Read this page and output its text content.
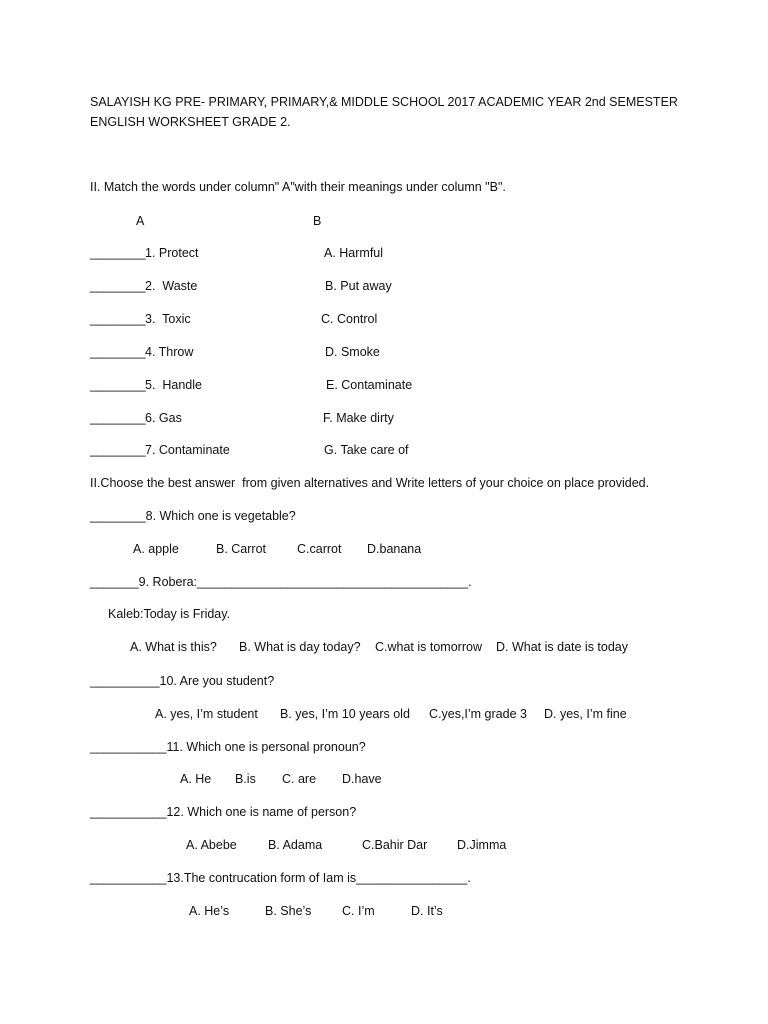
SALAYISH KG PRE- PRIMARY, PRIMARY,& MIDDLE SCHOOL 2017 ACADEMIC YEAR 2nd SEMESTER
ENGLISH WORKSHEET GRADE 2.
II. Match the words under column" A"with their meanings under column "B".
A	B
________ 1. Protect	A. Harmful
________ 2.  Waste	B. Put away
________ 3.  Toxic	C. Control
________ 4. Throw	D. Smoke
________ 5.  Handle	E. Contaminate
________ 6. Gas	F. Make dirty
________ 7. Contaminate	G. Take care of
II.Choose the best answer  from given alternatives and Write letters of your choice on place provided.
________8. Which one is vegetable?
A. apple	B. Carrot C.carrot D.banana
_______9. Robera:_______________________________________.
Kaleb:Today is Friday.
A. What is this? B. What is day today? C.what is tomorrow D. What is date is today
__________10. Are you student?
A. yes, I’m student B. yes, I’m 10 years old C.yes,I’m grade 3 D. yes, I’m fine
___________11. Which one is personal pronoun?
A. He B.is C. are D.have
___________12. Which one is name of person?
A. Abebe	B. Adama	C.Bahir Dar D.Jimma
___________13.The contrucation form of Iam is________________.
A. He’s	B. She’s C. I’m	D. It’s
